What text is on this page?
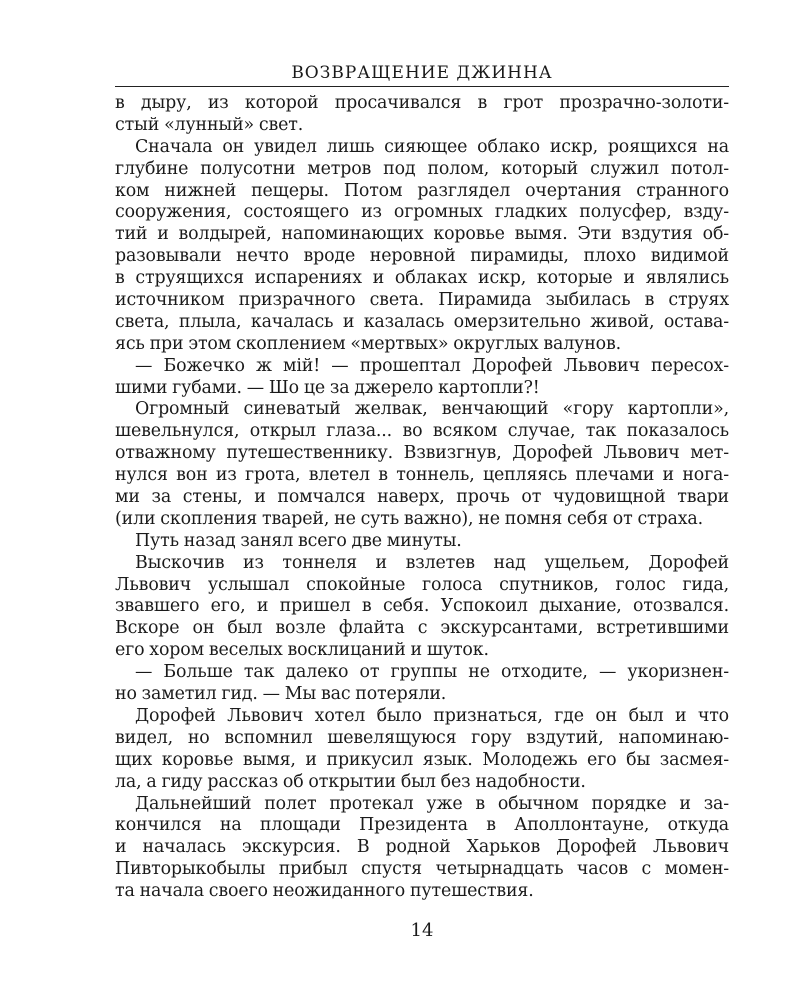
ВОЗВРАЩЕНИЕ ДЖИННА
в дыру, из которой просачивался в грот прозрачно-золоти-
стый «лунный» свет.
Сначала он увидел лишь сияющее облако искр, роящихся на
глубине полусотни метров под полом, который служил потол-
ком нижней пещеры. Потом разглядел очертания странного
сооружения, состоящего из огромных гладких полусфер, взду-
тий и волдырей, напоминающих коровье вымя. Эти вздутия об-
разовывали нечто вроде неровной пирамиды, плохо видимой
в струящихся испарениях и облаках искр, которые и являлись
источником призрачного света. Пирамида зыбилась в струях
света, плыла, качалась и казалась омерзительно живой, остава-
ясь при этом скоплением «мертвых» округлых валунов.
— Божечко ж мій! — прошептал Дорофей Львович пересох-
шими губами. — Шо це за джерело картопли?!
Огромный синеватый желвак, венчающий «гору картопли»,
шевельнулся, открыл глаза... во всяком случае, так показалось
отважному путешественнику. Взвизгнув, Дорофей Львович мет-
нулся вон из грота, влетел в тоннель, цепляясь плечами и нога-
ми за стены, и помчался наверх, прочь от чудовищной твари
(или скопления тварей, не суть важно), не помня себя от страха.
Путь назад занял всего две минуты.
Выскочив из тоннеля и взлетев над ущельем, Дорофей
Львович услышал спокойные голоса спутников, голос гида,
звавшего его, и пришел в себя. Успокоил дыхание, отозвался.
Вскоре он был возле флайта с экскурсантами, встретившими
его хором веселых восклицаний и шуток.
— Больше так далеко от группы не отходите, — укоризнен-
но заметил гид. — Мы вас потеряли.
Дорофей Львович хотел было признаться, где он был и что
видел, но вспомнил шевелящуюся гору вздутий, напоминаю-
щих коровье вымя, и прикусил язык. Молодежь его бы засмея-
ла, а гиду рассказ об открытии был без надобности.
Дальнейший полет протекал уже в обычном порядке и за-
кончился на площади Президента в Аполлонтауне, откуда
и началась экскурсия. В родной Харьков Дорофей Львович
Пивторыкобылы прибыл спустя четырнадцать часов с момен-
та начала своего неожиданного путешествия.
14
